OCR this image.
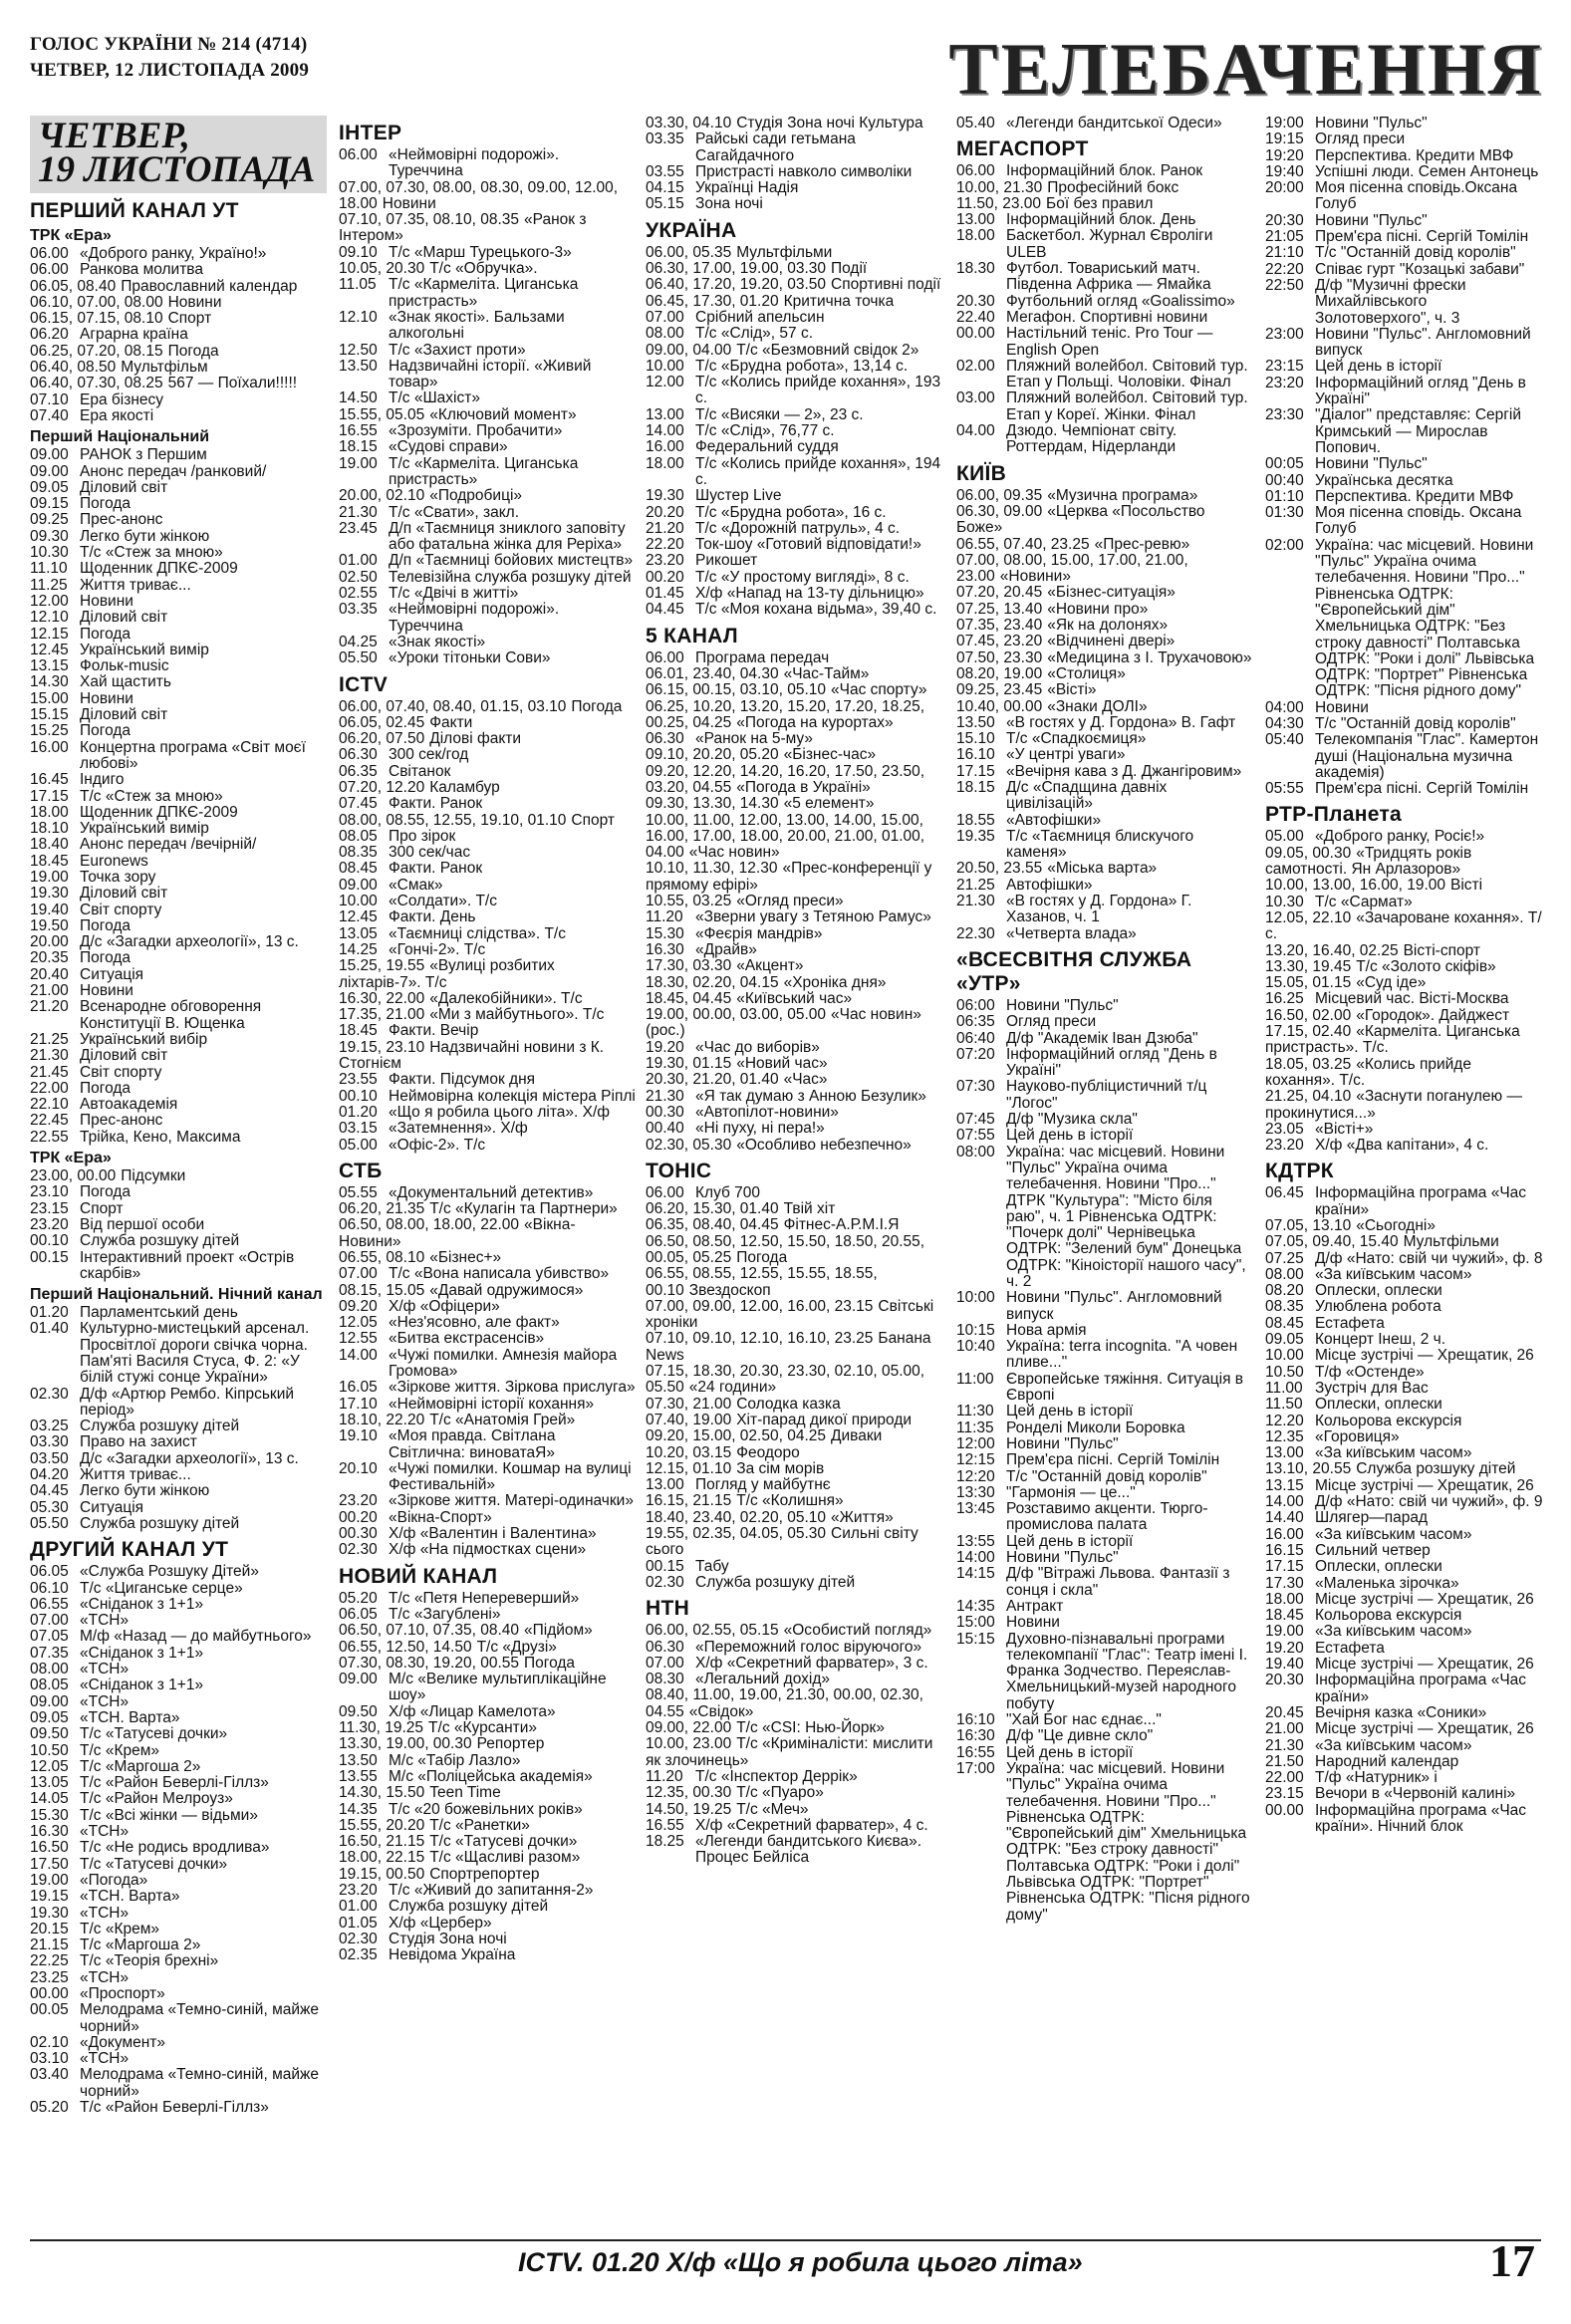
ГОЛОС УКРАЇНИ № 214 (4714)
ЧЕТВЕР, 12 ЛИСТОПАДА 2009	ТЕЛЕБАЧЕННЯ
ЧЕТВЕР,
19 ЛИСТОПАДА
ПЕРШИЙ КАНАЛ УТ
ТРК «Ера»
06.00 «Доброго ранку, Україно!»
06.00 Ранкова молитва
06.05, 08.40 Православний календар
06.10, 07.00, 08.00 Новини
06.15, 07.15, 08.10 Спорт
06.20 Аграрна країна
06.25, 07.20, 08.15 Погода
06.40, 08.50 Мультфільм
06.40, 07.30, 08.25 567 — Поїхали!!!!!
07.10 Ера бізнесу
07.40 Ера якості
Перший Національний
09.00 РАНОК з Першим
09.00 Анонс передач /ранковий/
09.05 Діловий світ
09.15 Погода
09.25 Прес-анонс
09.30 Легко бути жінкою
10.30 Т/с «Стеж за мною»
11.10 Щоденник ДПКЄ-2009
11.25 Життя триває...
12.00 Новини
12.10 Діловий світ
12.15 Погода
12.45 Український вимір
13.15 Фольк-music
14.30 Хай щастить
15.00 Новини
15.15 Діловий світ
15.25 Погода
16.00 Концертна програма «Світ моєї любові»
16.45 Індиго
17.15 Т/с «Стеж за мною»
18.00 Щоденник ДПКЄ-2009
18.10 Український вимір
18.40 Анонс передач /вечірній/
18.45 Euronews
19.00 Точка зору
19.30 Діловий світ
19.40 Світ спорту
19.50 Погода
20.00 Д/с «Загадки археології», 13 с.
20.35 Погода
20.40 Ситуація
21.00 Новини
21.20 Всенародне обговорення Конституції В. Ющенка
21.25 Український вибір
21.30 Діловий світ
21.45 Світ спорту
22.00 Погода
22.10 Автоакадемія
22.45 Прес-анонс
22.55 Трійка, Кено, Максима
ТРК «Ера»
23.00, 00.00 Підсумки
23.10 Погода
23.15 Спорт
23.20 Від першої особи
00.10 Служба розшуку дітей
00.15 Інтерактивний проект «Острів скарбів»
Перший Національний. Нічний канал
01.20 Парламентський день
01.40 Культурно-мистецький арсенал. Просвітлої дороги свічка чорна. Пам'яті Василя Стуса, Ф. 2: «У білій стужі сонце України»
02.30 Д/ф «Артюр Рембо. Кіпрський період»
03.25 Служба розшуку дітей
03.30 Право на захист
03.50 Д/с «Загадки археології», 13 с.
04.20 Життя триває...
04.45 Легко бути жінкою
05.30 Ситуація
05.50 Служба розшуку дітей
ДРУГИЙ КАНАЛ УТ
06.05 «Служба Розшуку Дітей»
06.10 Т/с «Циганське серце»
06.55 «Сніданок з 1+1»
07.00 «ТСН»
07.05 М/ф «Назад — до майбутнього»
07.35 «Сніданок з 1+1»
08.00 «ТСН»
08.05 «Сніданок з 1+1»
09.00 «ТСН»
09.05 «ТСН. Варта»
09.50 Т/с «Татусеві дочки»
10.50 Т/с «Крем»
12.05 Т/с «Маргоша 2»
13.05 Т/с «Район Беверлі-Гіллз»
14.05 Т/с «Район Мелроуз»
15.30 Т/с «Всі жінки — відьми»
16.30 «ТСН»
16.50 Т/с «Не родись вродлива»
17.50 Т/с «Татусеві дочки»
19.00 «Погода»
19.15 «ТСН. Варта»
19.30 «ТСН»
20.15 Т/с «Крем»
21.15 Т/с «Маргоша 2»
22.25 Т/с «Теорія брехні»
23.25 «ТСН»
00.00 «Проспорт»
00.05 Мелодрама «Темно-синій, майже чорний»
02.10 «Документ»
03.10 «ТСН»
03.40 Мелодрама «Темно-синій, майже чорний»
05.20 Т/с «Район Беверлі-Гіллз»
ІНТЕР
06.00 «Неймовірні подорожі». Туреччина
07.00, 07.30, 08.00, 08.30, 09.00, 12.00, 18.00 Новини
07.10, 07.35, 08.10, 08.35 «Ранок з Інтером»
09.10 Т/с «Марш Турецького-3»
10.05, 20.30 Т/с «Обручка».
11.05 Т/с «Кармеліта. Циганська пристрасть»
12.10 «Знак якості». Бальзами алкогольні
12.50 Т/с «Захист проти»
13.50 Надзвичайні історії. «Живий товар»
14.50 Т/с «Шахіст»
15.55, 05.05 «Ключовий момент»
16.55 «Зрозуміти. Пробачити»
18.15 «Судові справи»
19.00 Т/с «Кармеліта. Циганська пристрасть»
20.00, 02.10 «Подробиці»
21.30 Т/с «Свати», закл.
23.45 Д/п «Таємниця зниклого заповіту або фатальна жінка для Реріха»
01.00 Д/п «Таємниці бойових мистецтв»
02.50 Телевізійна служба розшуку дітей
02.55 Т/с «Двічі в житті»
03.35 «Неймовірні подорожі». Туреччина
04.25 «Знак якості»
05.50 «Уроки тітоньки Сови»
ICTV
06.00, 07.40, 08.40, 01.15, 03.10 Погода
06.05, 02.45 Факти
06.20, 07.50 Ділові факти
06.30 300 сек/год
06.35 Світанок
07.20, 12.20 Каламбур
07.45 Факти. Ранок
08.00, 08.55, 12.55, 19.10, 01.10 Спорт
08.05 Про зірок
08.35 300 сек/час
08.45 Факти. Ранок
09.00 «Смак»
10.00 «Солдати». Т/с
12.45 Факти. День
13.05 «Таємниці слідства». Т/с
14.25 «Гончі-2». Т/с
15.25, 19.55 «Вулиці розбитих ліхтарів-7». Т/с
16.30, 22.00 «Далекобійники». Т/с
17.35, 21.00 «Ми з майбутнього». Т/с
18.45 Факти. Вечір
19.15, 23.10 Надзвичайні новини з К. Стогнієм
23.55 Факти. Підсумок дня
00.10 Неймовірна колекція містера Ріплі
01.20 «Що я робила цього літа». Х/ф
03.15 «Затемнення». Х/ф
05.00 «Офіс-2». Т/с
СТБ
05.55 «Документальний детектив»
06.20, 21.35 Т/с «Кулагін та Партнери»
06.50, 08.00, 18.00, 22.00 «Вікна-Новини»
06.55, 08.10 «Бізнес+»
07.00 Т/с «Вона написала убивство»
08.15, 15.05 «Давай одружимося»
09.20 Х/ф «Офіцери»
12.05 «Нез'ясовно, але факт»
12.55 «Битва екстрасенсів»
14.00 «Чужі помилки. Амнезія майора Громова»
16.05 «Зіркове життя. Зіркова прислуга»
17.10 «Неймовірні історії кохання»
18.10, 22.20 Т/с «Анатомія Грей»
19.10 «Моя правда. Світлана Світлична: виноватаЯ»
20.10 «Чужі помилки. Кошмар на вулиці Фестивальній»
23.20 «Зіркове життя. Матері-одиначки»
00.20 «Вікна-Спорт»
00.30 Х/ф «Валентин і Валентина»
02.30 Х/ф «На підмостках сцени»
НОВИЙ КАНАЛ
05.20 Т/с «Петя Непереверший»
06.05 Т/с «Загублені»
06.50, 07.10, 07.35, 08.40 «Підйом»
06.55, 12.50, 14.50 Т/с «Друзі»
07.30, 08.30, 19.20, 00.55 Погода
09.00 М/с «Велике мультиплікаційне шоу»
09.50 Х/ф «Лицар Камелота»
11.30, 19.25 Т/с «Курсанти»
13.30, 19.00, 00.30 Репортер
13.50 М/с «Табір Лазло»
13.55 М/с «Поліцейська академія»
14.30, 15.50 Teen Time
14.35 Т/с «20 божевільних років»
15.55, 20.20 Т/с «Ранетки»
16.50, 21.15 Т/с «Татусеві дочки»
18.00, 22.15 Т/с «Щасливі разом»
19.15, 00.50 Спортрепортер
23.20 Т/с «Живий до запитання-2»
01.00 Служба розшуку дітей
01.05 Х/ф «Цербер»
02.30 Студія Зона ночі
02.35 Невідома Україна
03.30, 04.10 Студія Зона ночі Культура
03.35 Райські сади гетьмана Сагайдачного
03.55 Пристрасті навколо символіки
04.15 Українці Надія
05.15 Зона ночі
УКРАЇНА
06.00, 05.35 Мультфільми
06.30, 17.00, 19.00, 03.30 Події
06.40, 17.20, 19.20, 03.50 Спортивні події
06.45, 17.30, 01.20 Критична точка
07.00 Срібний апельсин
08.00 Т/с «Слід», 57 с.
09.00, 04.00 Т/с «Безмовний свідок 2»
10.00 Т/с «Брудна робота», 13,14 с.
12.00 Т/с «Колись прийде кохання», 193 с.
13.00 Т/с «Висяки — 2», 23 с.
14.00 Т/с «Слід», 76,77 с.
16.00 Федеральний суддя
18.00 Т/с «Колись прийде кохання», 194 с.
19.30 Шустер Live
20.20 Т/с «Брудна робота», 16 с.
21.20 Т/с «Дорожній патруль», 4 с.
22.20 Ток-шоу «Готовий відповідати!»
23.20 Рикошет
00.20 Т/с «У простому вигляді», 8 с.
01.45 Х/ф «Напад на 13-ту дільницю»
04.45 Т/с «Моя кохана відьма», 39,40 с.
5 КАНАЛ
06.00 Програма передач
06.01, 23.40, 04.30 «Час-Тайм»
06.15, 00.15, 03.10, 05.10 «Час спорту»
06.25, 10.20, 13.20, 15.20, 17.20, 18.25, 00.25, 04.25 «Погода на курортах»
06.30 «Ранок на 5-му»
09.10, 20.20, 05.20 «Бізнес-час»
09.20, 12.20, 14.20, 16.20, 17.50, 23.50, 03.20, 04.55 «Погода в Україні»
09.30, 13.30, 14.30 «5 елемент»
10.00, 11.00, 12.00, 13.00, 14.00, 15.00, 16.00, 17.00, 18.00, 20.00, 21.00, 01.00, 04.00 «Час новин»
10.10, 11.30, 12.30 «Прес-конференції у прямому ефірі»
10.55, 03.25 «Огляд преси»
11.20 «Зверни увагу з Тетяною Рамус»
15.30 «Феєрія мандрів»
16.30 «Драйв»
17.30, 03.30 «Акцент»
18.30, 02.20, 04.15 «Хроніка дня»
18.45, 04.45 «Київський час»
19.00, 00.00, 03.00, 05.00 «Час новин» (рос.)
19.20 «Час до виборів»
19.30, 01.15 «Новий час»
20.30, 21.20, 01.40 «Час»
21.30 «Я так думаю з Анною Безулик»
00.30 «Автопілот-новини»
00.40 «Ні пуху, ні пера!»
02.30, 05.30 «Особливо небезпечно»
ТОНІС
06.00 Клуб 700
06.20, 15.30, 01.40 Твій хіт
06.35, 08.40, 04.45 Фітнес-А.Р.М.І.Я
06.50, 08.50, 12.50, 15.50, 18.50, 20.55, 00.05, 05.25 Погода
06.55, 08.55, 12.55, 15.55, 18.55, 00.10 Звездоскоп
07.00, 09.00, 12.00, 16.00, 23.15 Світські хроніки
07.10, 09.10, 12.10, 16.10, 23.25 Банана News
07.15, 18.30, 20.30, 23.30, 02.10, 05.00, 05.50 «24 години»
07.30, 21.00 Солодка казка
07.40, 19.00 Хіт-парад дикої природи
09.20, 15.00, 02.50, 04.25 Диваки
10.20, 03.15 Феодоро
12.15, 01.10 За сім морів
13.00 Погляд у майбутнє
16.15, 21.15 Т/с «Колишня»
18.40, 23.40, 02.20, 05.10 «Життя»
19.55, 02.35, 04.05, 05.30 Сильні світу сього
00.15 Табу
02.30 Служба розшуку дітей
НТН
06.00, 02.55, 05.15 «Особистий погляд»
06.30 «Переможний голос віруючого»
07.00 Х/ф «Секретний фарватер», 3 с.
08.30 «Легальний дохід»
08.40, 11.00, 19.00, 21.30, 00.00, 02.30, 04.55 «Свідок»
09.00, 22.00 Т/с «CSI: Нью-Йорк»
10.00, 23.00 Т/с «Криміналісти: мислити як злочинець»
11.20 Т/с «Інспектор Деррік»
12.35, 00.30 Т/с «Пуаро»
14.50, 19.25 Т/с «Меч»
16.55 Х/ф «Секретний фарватер», 4 с.
18.25 «Легенди бандитського Києва». Процес Бейліса
05.40 «Легенди бандитської Одеси»
МЕГАСПОРТ
06.00 Інформаційний блок. Ранок
10.00, 21.30 Професійний бокс
11.50, 23.00 Бої без правил
13.00 Інформаційний блок. День
18.00 Баскетбол. Журнал Євроліги ULEB
18.30 Футбол. Товариський матч. Південна Африка — Ямайка
20.30 Футбольний огляд «Goalissimo»
22.40 Мегафон. Спортивні новини
00.00 Настільний теніс. Pro Tour — English Open
02.00 Пляжний волейбол. Світовий тур. Етап у Польщі. Чоловіки. Фінал
03.00 Пляжний волейбол. Світовий тур. Етап у Кореї. Жінки. Фінал
04.00 Дзюдо. Чемпіонат світу. Роттердам, Нідерланди
КИЇВ
06.00, 09.35 «Музична програма»
06.30, 09.00 «Церква «Посольство Боже»
06.55, 07.40, 23.25 «Прес-ревю»
07.00, 08.00, 15.00, 17.00, 21.00, 23.00 «Новини»
07.20, 20.45 «Бізнес-ситуація»
07.25, 13.40 «Новини про»
07.35, 23.40 «Як на долонях»
07.45, 23.20 «Відчинені двері»
07.50, 23.30 «Медицина з І. Трухачовою»
08.20, 19.00 «Столиця»
09.25, 23.45 «Вісті»
10.40, 00.00 «Знаки ДОЛІ»
13.50 «В гостях у Д. Гордона» В. Гафт
15.10 Т/с «Спадкоємиця»
16.10 «У центрі уваги»
17.15 «Вечірня кава з Д. Джангіровим»
18.15 Д/с «Спадщина давніх цивілізацій»
18.55 «Автофішки»
19.35 Т/с «Таємниця блискучого каменя»
20.50, 23.55 «Міська варта»
21.25 Автофішки»
21.30 «В гостях у Д. Гордона» Г. Хазанов, ч. 1
22.30 «Четверта влада»
«ВСЕСВІТНЯ СЛУЖБА «УТР»
06:00 Новини "Пульс"
06:35 Огляд преси
06:40 Д/ф "Академік Іван Дзюба"
07:20 Інформаційний огляд "День в Україні"
07:30 Науково-публіцистичний т/ц "Логос"
07:45 Д/ф "Музика скла"
07:55 Цей день в історії
08:00 Україна: час місцевий. Новини "Пульс" Україна очима телебачення. Новини "Про..." ДТРК "Культура": "Місто біля раю", ч. 1 Рівненська ОДТРК: "Почерк долі" Чернівецька ОДТРК: "Зелений бум" Донецька ОДТРК: "Кіноісторії нашого часу", ч. 2
10:00 Новини "Пульс". Англомовний випуск
10:15 Нова армія
10:40 Україна: terra incognita. "А човен пливе..."
11:00 Європейське тяжіння. Ситуація в Європі
11:30 Цей день в історії
11:35 Ронделі Миколи Боровка
12:00 Новини "Пульс"
12:15 Прем'єра пісні. Сергій Томілін
12:20 Т/с "Останній довід королів"
13:30 "Гармонія — це..."
13:45 Розставимо акценти. Тюрго-промислова палата
13:55 Цей день в історії
14:00 Новини "Пульс"
14:15 Д/ф "Вітражі Львова. Фантазії з сонця і скла"
14:35 Антракт
15:00 Новини
15:15 Духовно-пізнавальні програми телекомпанії "Глас": Театр імені І. Франка Зодчество. Переяслав-Хмельницький-музей народного побуту
16:10 "Хай Бог нас єднає..."
16:30 Д/ф "Це дивне скло"
16:55 Цей день в історії
17:00 Україна: час місцевий. Новини "Пульс" Україна очима телебачення. Новини "Про..." Рівненська ОДТРК: "Європейський дім" Хмельницька ОДТРК: "Без строку давності" Полтавська ОДТРК: "Роки і долі" Львівська ОДТРК: "Портрет" Рівненська ОДТРК: "Пісня рідного дому"
19:00 Новини "Пульс"
19:15 Огляд преси
19:20 Перспектива. Кредити МВФ
19:40 Успішні люди. Семен Антонець
20:00 Моя пісенна сповідь.Оксана Голуб
20:30 Новини "Пульс"
21:05 Прем'єра пісні. Сергій Томілін
21:10 Т/с "Останній довід королів"
22:20 Співає гурт "Козацькі забави"
22:50 Д/ф "Музичні фрески Михайлівського Золотоверхого", ч. 3
23:00 Новини "Пульс". Англомовний випуск
23:15 Цей день в історії
23:20 Інформаційний огляд "День в Україні"
23:30 "Діалог" представляє: Сергій Кримський — Мирослав Попович.
00:05 Новини "Пульс"
00:40 Українська десятка
01:10 Перспектива. Кредити МВФ
01:30 Моя пісенна сповідь. Оксана Голуб
02:00 Україна: час місцевий. Новини "Пульс" Україна очима телебачення. Новини "Про..." Рівненська ОДТРК: "Європейський дім" Хмельницька ОДТРК: "Без строку давності" Полтавська ОДТРК: "Роки і долі" Львівська ОДТРК: "Портрет" Рівненська ОДТРК: "Пісня рідного дому"
04:00 Новини
04:30 Т/с "Останній довід королів"
05:40 Телекомпанія "Глас". Камертон душі (Національна музична академія)
05:55 Прем'єра пісні. Сергій Томілін
РТР-Планета
05.00 «Доброго ранку, Росіє!»
09.05, 00.30 «Тридцять років самотності. Ян Арлазоров»
10.00, 13.00, 16.00, 19.00 Вісті
10.30 Т/с «Сармат»
12.05, 22.10 «Зачароване кохання». Т/с.
13.20, 16.40, 02.25 Вісті-спорт
13.30, 19.45 Т/с «Золото скіфів»
15.05, 01.15 «Суд іде»
16.25 Місцевий час. Вісті-Москва
16.50, 02.00 «Городок». Дайджест
17.15, 02.40 «Кармеліта. Циганська пристрасть». Т/с.
18.05, 03.25 «Колись прийде кохання». Т/с.
21.25, 04.10 «Заснути поганулею — прокинутися...»
23.05 «Вісті+»
23.20 Х/ф «Два капітани», 4 с.
КДТРК
06.45 Інформаційна програма «Час країни»
07.05, 13.10 «Сьогодні»
07.05, 09.40, 15.40 Мультфільми
07.25 Д/ф «Нато: свій чи чужий», ф. 8
08.00 «За київським часом»
08.20 Оплески, оплески
08.35 Улюблена робота
08.45 Естафета
09.05 Концерт Інеш, 2 ч.
10.00 Місце зустрічі — Хрещатик, 26
10.50 Т/ф «Остенде»
11.00 Зустріч для Вас
11.50 Оплески, оплески
12.20 Кольорова екскурсія
12.35 «Горовиця»
13.00 «За київським часом»
13.10, 20.55 Служба розшуку дітей
13.15 Місце зустрічі — Хрещатик, 26
14.00 Д/ф «Нато: свій чи чужий», ф. 9
14.40 Шлягер—парад
16.00 «За київським часом»
16.15 Сильний четвер
17.15 Оплески, оплески
17.30 «Маленька зірочка»
18.00 Місце зустрічі — Хрещатик, 26
18.45 Кольорова екскурсія
19.00 «За київським часом»
19.20 Естафета
19.40 Місце зустрічі — Хрещатик, 26
20.30 Інформаційна програма «Час країни»
20.45 Вечірня казка «Соники»
21.00 Місце зустрічі — Хрещатик, 26
21.30 «За київським часом»
21.50 Народний календар
22.00 Т/ф «Натурник» і
23.15 Вечори в «Червоній калині»
00.00 Інформаційна програма «Час країни». Нічний блок
ICTV. 01.20 Х/ф «Що я робила цього літа»	17
